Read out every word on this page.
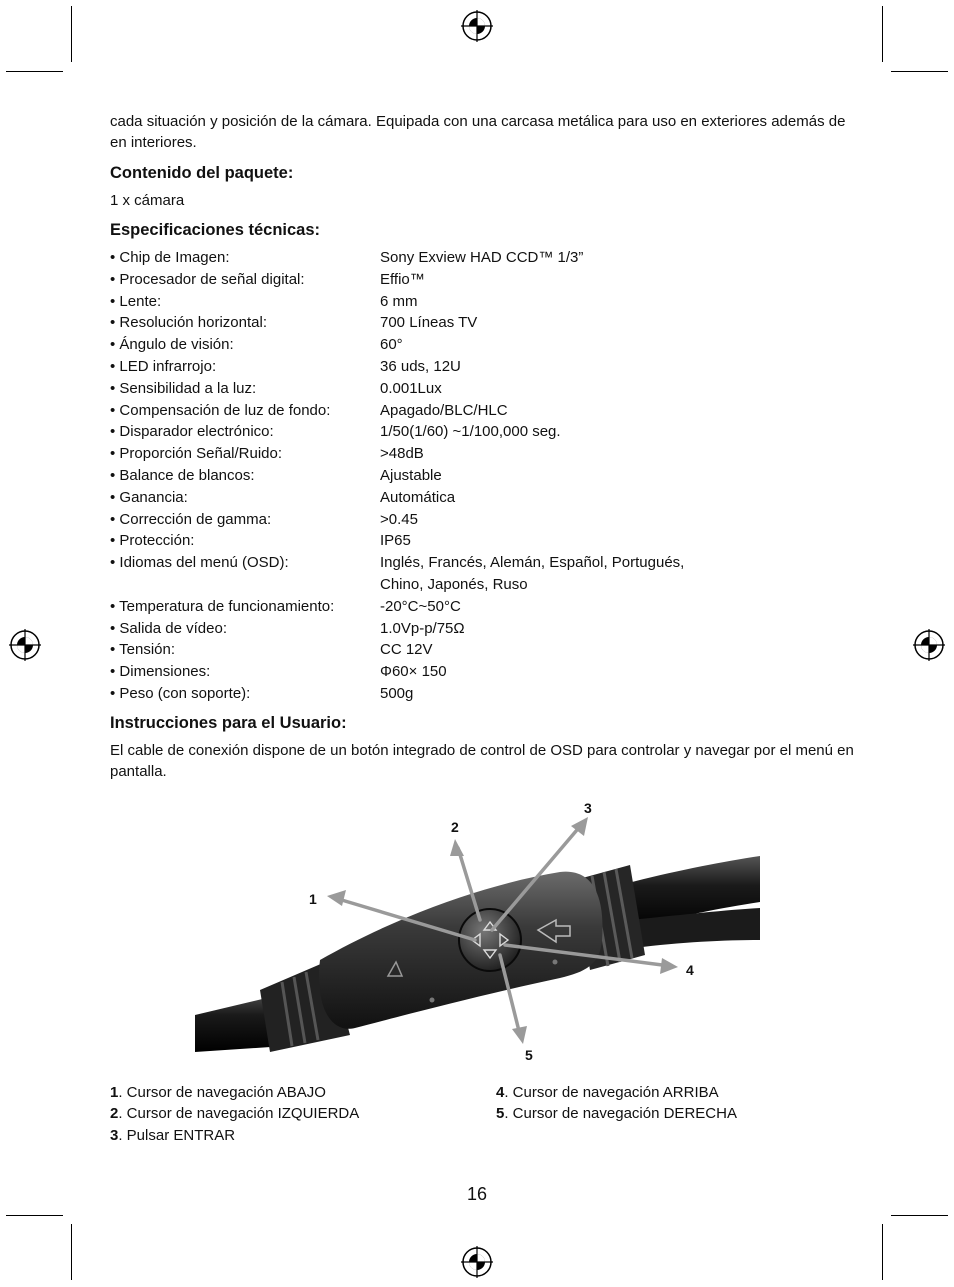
cada situación y posición de la cámara. Equipada con una carcasa metálica para uso en exteriores además de en interiores.

Contenido del paquete:

1 x cámara

Especificaciones técnicas:
• Chip de Imagen:	Sony Exview HAD CCD™ 1/3”
• Procesador de señal digital:	Effio™
• Lente:	6 mm
• Resolución horizontal:	700 Líneas TV
• Ángulo de visión:	60°
• LED infrarrojo:	36 uds, 12U
• Sensibilidad a la luz:	0.001Lux
• Compensación de luz de fondo:	Apagado/BLC/HLC
• Disparador electrónico:	1/50(1/60) ~1/100,000 seg.
• Proporción Señal/Ruido:	>48dB
• Balance de blancos:	Ajustable
• Ganancia:	Automática
• Corrección de gamma:	>0.45
• Protección:	IP65
• Idiomas del menú (OSD):	Inglés, Francés, Alemán, Español, Portugués, Chino, Japonés, Ruso
• Temperatura de funcionamiento:	-20°C~50°C
• Salida de vídeo:	1.0Vp-p/75Ω
• Tensión:	CC 12V
• Dimensiones:	Φ60× 150
• Peso (con soporte):	500g
Instrucciones para el Usuario:

El cable de conexión dispone de un botón integrado de control de OSD para controlar y navegar por el menú en pantalla.

1
2
3
4
5
1. Cursor de navegación ABAJO
2. Cursor de navegación IZQUIERDA
3. Pulsar ENTRAR
4. Cursor de navegación ARRIBA
5. Cursor de navegación DERECHA
16
